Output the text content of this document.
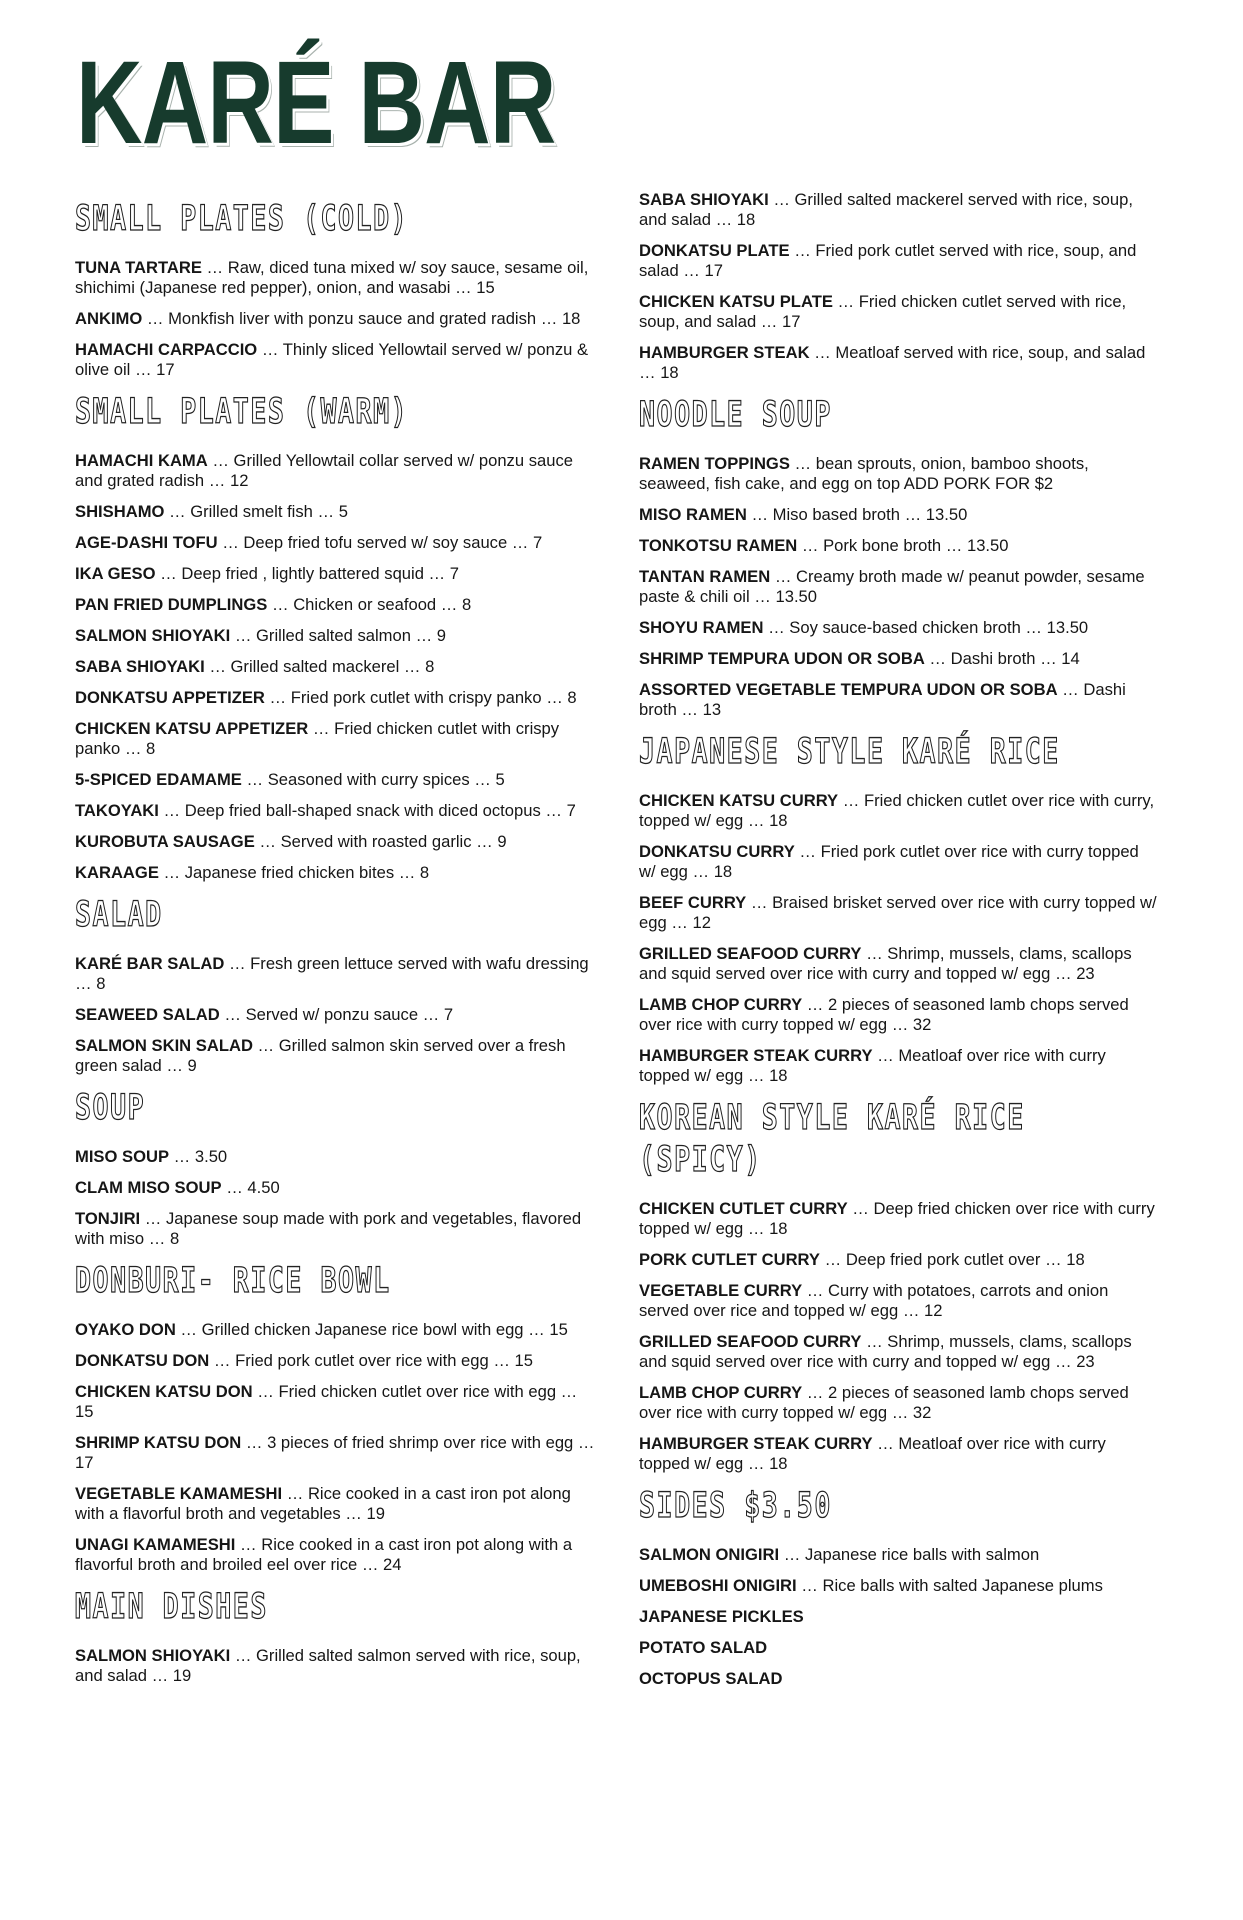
KARÉ BAR
SMALL PLATES (COLD)
TUNA TARTARE … Raw, diced tuna mixed w/ soy sauce, sesame oil, shichimi (Japanese red pepper), onion, and wasabi … 15
ANKIMO … Monkfish liver with ponzu sauce and grated radish … 18
HAMACHI CARPACCIO … Thinly sliced Yellowtail served w/ ponzu & olive oil … 17
SMALL PLATES (WARM)
HAMACHI KAMA … Grilled Yellowtail collar served w/ ponzu sauce and grated radish … 12
SHISHAMO … Grilled smelt fish … 5
AGE-DASHI TOFU … Deep fried tofu served w/ soy sauce … 7
IKA GESO … Deep fried , lightly battered squid … 7
PAN FRIED DUMPLINGS … Chicken or seafood … 8
SALMON SHIOYAKI … Grilled salted salmon … 9
SABA SHIOYAKI … Grilled salted mackerel … 8
DONKATSU APPETIZER … Fried pork cutlet with crispy panko … 8
CHICKEN KATSU APPETIZER … Fried chicken cutlet with crispy panko … 8
5-SPICED EDAMAME … Seasoned with curry spices … 5
TAKOYAKI … Deep fried ball-shaped snack with diced octopus … 7
KUROBUTA SAUSAGE … Served with roasted garlic … 9
KARAAGE … Japanese fried chicken bites … 8
SALAD
KARÉ BAR SALAD … Fresh green lettuce served with wafu dressing … 8
SEAWEED SALAD … Served w/ ponzu sauce … 7
SALMON SKIN SALAD … Grilled salmon skin served over a fresh green salad … 9
SOUP
MISO SOUP … 3.50
CLAM MISO SOUP … 4.50
TONJIRI … Japanese soup made with pork and vegetables, flavored with miso … 8
DONBURI- RICE BOWL
OYAKO DON … Grilled chicken Japanese rice bowl with egg … 15
DONKATSU DON … Fried pork cutlet over rice with egg … 15
CHICKEN KATSU DON … Fried chicken cutlet over rice with egg … 15
SHRIMP KATSU DON … 3 pieces of fried shrimp over rice with egg … 17
VEGETABLE KAMAMESHI … Rice cooked in a cast iron pot along with a flavorful broth and vegetables … 19
UNAGI KAMAMESHI … Rice cooked in a cast iron pot along with a flavorful broth and broiled eel over rice … 24
MAIN DISHES
SALMON SHIOYAKI … Grilled salted salmon served with rice, soup, and salad … 19
SABA SHIOYAKI … Grilled salted mackerel served with rice, soup, and salad … 18
DONKATSU PLATE … Fried pork cutlet served with rice, soup, and salad … 17
CHICKEN KATSU PLATE … Fried chicken cutlet served with rice, soup, and salad … 17
HAMBURGER STEAK … Meatloaf served with rice, soup, and salad … 18
NOODLE SOUP
RAMEN TOPPINGS … bean sprouts, onion, bamboo shoots, seaweed, fish cake, and egg on top ADD PORK FOR $2
MISO RAMEN … Miso based broth … 13.50
TONKOTSU RAMEN … Pork bone broth … 13.50
TANTAN RAMEN … Creamy broth made w/ peanut powder, sesame paste & chili oil … 13.50
SHOYU RAMEN … Soy sauce-based chicken broth … 13.50
SHRIMP TEMPURA UDON OR SOBA … Dashi broth … 14
ASSORTED VEGETABLE TEMPURA UDON OR SOBA … Dashi broth … 13
JAPANESE STYLE KARÉ RICE
CHICKEN KATSU CURRY … Fried chicken cutlet over rice with curry, topped w/ egg … 18
DONKATSU CURRY … Fried pork cutlet over rice with curry topped w/ egg … 18
BEEF CURRY … Braised brisket served over rice with curry topped w/ egg … 12
GRILLED SEAFOOD CURRY … Shrimp, mussels, clams, scallops and squid served over rice with curry and topped w/ egg … 23
LAMB CHOP CURRY … 2 pieces of seasoned lamb chops served over rice with curry topped w/ egg … 32
HAMBURGER STEAK CURRY … Meatloaf over rice with curry topped w/ egg … 18
KOREAN STYLE KARÉ RICE (SPICY)
CHICKEN CUTLET CURRY … Deep fried chicken over rice with curry topped w/ egg … 18
PORK CUTLET CURRY … Deep fried pork cutlet over … 18
VEGETABLE CURRY … Curry with potatoes, carrots and onion served over rice and topped w/ egg … 12
GRILLED SEAFOOD CURRY … Shrimp, mussels, clams, scallops and squid served over rice with curry and topped w/ egg … 23
LAMB CHOP CURRY … 2 pieces of seasoned lamb chops served over rice with curry topped w/ egg … 32
HAMBURGER STEAK CURRY … Meatloaf over rice with curry topped w/ egg … 18
SIDES $3.50
SALMON ONIGIRI … Japanese rice balls with salmon
UMEBOSHI ONIGIRI … Rice balls with salted Japanese plums
JAPANESE PICKLES
POTATO SALAD
OCTOPUS SALAD
